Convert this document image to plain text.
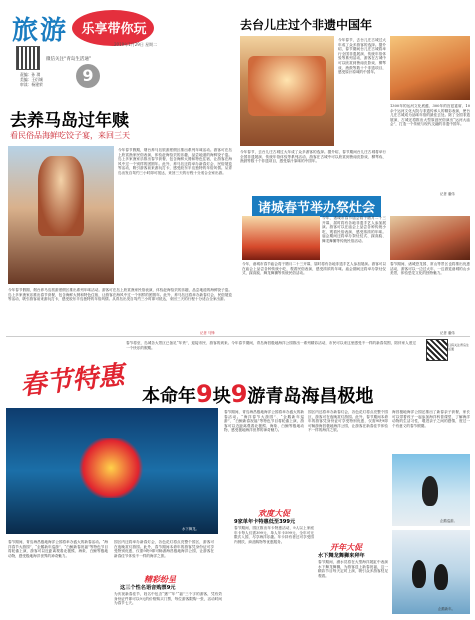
旅游 乐享带你玩
2019年1月29日 星期二
微信关注“青岛生活通”
责编：孙 琪
美编：王衍城
审读：杨建荣	9
去台儿庄过个非遗中国年
今年春节，去台儿庄古城过大年成了众多游客的选择。据介绍，春节期间台儿庄古城将举行全国非遗展演、传统年俗体验等系列活动，游客在古城中可以欣赏到鲁南皮影戏、柳琴戏、渔鼓等数十个非遗项目，感受原汁原味的中国年。
今年春节，去台儿庄古城过大年成了众多游客的选择。据介绍，春节期间台儿庄古城将举行全国非遗展演、传统年俗体验等系列活动，游客在古城中可以欣赏到鲁南皮影戏、柳琴戏、渔鼓等数十个非遗项目，感受原汁原味的中国年。
1300年的运河文化底蕴、300年的宫廷宴席、10余个运河文化大院与非遗传承人的精彩表演，使台儿庄古城成为品味年俗的最佳去处。除了全国非遗展演，古城还将推出大型原创民俗演出“运河大庙会”，打造一个传统与现代交融的非遗中国年。
记者 潘伟
去养马岛过年赎
看民俗品海鲜吃饺子宴，来回三天
今年春节假期，烟台养马岛旅游度假区推出系列年味活动。游客可在岛上欣赏渔家民俗表演，体验赶海拾贝的乐趣，品尝地道的海鲜饺子宴。岛上多家渔家乐推出春节套餐，包含海鲜大餐和特色住宿，让游客在海风中过一个别样的团圆年。此外，养马岛还将举办新春灯会、民俗展览等活动，吸引游客前来游玩打卡，感受胶东半岛独特的年俗风情。从青岛出发自驾约三小时即可抵达，来回三天的行程十分适合全家出游。
今年春节假期，烟台养马岛旅游度假区推出系列年味活动。游客可在岛上欣赏渔家民俗表演，体验赶海拾贝的乐趣，品尝地道的海鲜饺子宴。岛上多家渔家乐推出春节套餐，包含海鲜大餐和特色住宿，让游客在海风中过一个别样的团圆年。此外，养马岛还将举办新春灯会、民俗展览等活动，吸引游客前来游玩打卡，感受胶东半岛独特的年俗风情。从青岛出发自驾约三小时即可抵达，来回三天的行程十分适合全家出游。
记者 马锋
诸城春节举办祭灶会
今年，诸城市春节庙会将于腊月二十三开幕，届时将有各地非遗手艺人参加展演。游客可以在庙会上品尝各种传统小吃，观看民俗表演，感受浓浓的年味。庙会期间还将举办祭灶仪式、踩高跷、舞龙舞狮等传统民俗活动。
今年，诸城市春节庙会将于腊月二十三开幕，届时将有各地非遗手艺人参加展演。游客可以在庙会上品尝各种传统小吃，观看民俗表演，感受浓浓的年味。庙会期间还将举办祭灶仪式、踩高跷、舞龙舞狮等传统民俗活动。
春节期间，诸城恐龙园、常山等景区也将推出优惠活动，游客可以一边过大年，一边游览诸城的山水美景，体验恐龙文化的独特魅力。
记者 潘伟
春节将至，岛城各大景区已备足“年货”，迎接市民、游客的到来。今年春节期间，青岛海昌极地海洋公园推出一系列精彩活动，市民可以来这里感受不一样的新春氛围，陪伴家人度过一个快乐的假期。
扫码关注青岛生活通
春节特惠 本命年9块9游青岛海昌极地
水下舞龙。
春节期间，青岛海昌极地海洋公园将举办盛大的新春活动。“海洋春节大游园”、“企鹅新年巡游”、“白鲸新春祝福”等特色节目将轮番上演，游客可以近距离观看北极熊、海象、白鲸等极地动物，感受极地海洋世界的神奇魅力。
园区内还将举办新春灯会，各色花灯将点亮整个园区，游客可在夜晚赏灯游园。此外，春节期间本命年的游客凭身份证可享受特别优惠，仅需9块9即可畅游海昌极地海洋公园，让游客在新春佳节体验不一样的海洋之旅。
海昌极地海洋公园还推出了新春亲子套餐，家长可以带着孩子一起参加海洋科普课堂，了解海洋动物的生活习性，增进亲子之间的感情，度过一个有意义的春节假期。
企鹅巡游。
欢度大促
9家单年卡特惠低至399元
春节期间，园区推出年卡特惠活动，9人以上家庭年卡每人仅需399元，单人年卡599元，全年可无限次入园，尽享海洋乐趣。年卡持有者还可享受园内餐饮、商品购物等优惠服务。
春节期间，青岛海昌极地海洋公园将举办盛大的新春活动。“海洋春节大游园”、“企鹅新年巡游”、“白鲸新春祝福”等特色节目将轮番上演，游客可以近距离观看北极熊、海象、白鲸等极地动物，感受极地海洋世界的神奇魅力。
园区内还将举办新春灯会，各色花灯将点亮整个园区，游客可在夜晚赏灯游园。此外，春节期间本命年的游客凭身份证可享受特别优惠，仅需9块9即可畅游海昌极地海洋公园，让游客在新春佳节体验不一样的海洋之旅。
精彩纷呈
这三个性名语音购票9元
为庆祝新春佳节，姓名中包含“猪”“年”“福”三个字的游客，凭有效身份证件即可以9元的价格购买门票，每位游客限购一张，活动时间为春节七天。
开年大促
水下舞龙舞狮来拜年
春节期间，潜水员将在大型海洋展缸中表演水下舞龙舞狮，为游客送上新春祝福，这一精彩节目每天定时上演，吸引众多游客驻足观看。
企鹅新年。
